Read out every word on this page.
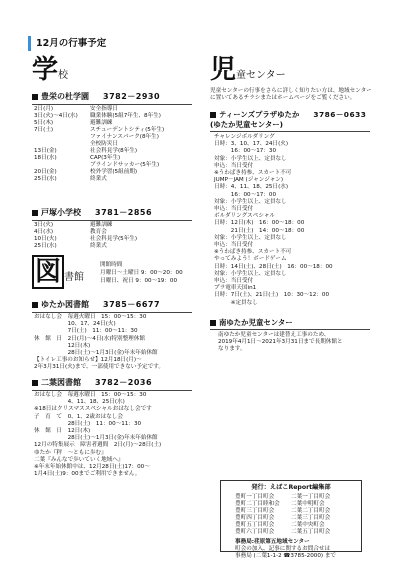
12月の行事予定
学校
豊栄の杜学園 3782－2930
2日(月)	安全指導日
3日(火)～4日(水)	職業体験(5組7年生、8年生)
5日(木)	避難訓練
7日(土)	スチューデントシティ(5年生)
	ファイナンスパーク(8年生)
	全校防災日
13日(金)	社会科見学(8年生)
18日(水)	CAP(3年生)
	ブラインドサッカー(5年生)
20日(金)	校外学習(5組前期)
25日(水)	終業式
戸塚小学校 3781－2856
3日(火)	避難訓練
4日(水)	教育会
10日(火)	社会科見学(5年生)
25日(水)	終業式
図 書館
開館時間
月曜日～土曜日 9：00～20：00
日曜日、祝日 9：00～19：00
ゆたか図書館 3785－6677
おはなし会　毎週火曜日　15：00～15：30
　　　　　　10、17、24日(火)
　　　　　　7日(土)　11：00～11：30
休　館　日　2日(月)～4日(水)特別整理休館
　　　　　　12日(木)
　　　　　　28日(土)～1月3日(金)年末年始休館
【トイレ工事のお知らせ】12月18日(月)～
2年3月31日(火)まで、一部使用できない予定です。
二葉図書館 3782－2036
おはなし会　毎週水曜日　15：00～15：30
　　　　　　4、11、18、25日(水)
※18日はクリスマススペシャルおはなし会です
子　育　て　0、1、2歳おはなし会
　　　　　　28日(土)　11：00～11：30
休　館　日　12日(木)
　　　　　　28日(土)～1月3日(金)年末年始休館
12月の特集展示　障害者週間　2日(月)～28日(土)
ゆたか『秤　～ともに歩む』
二葉『みんなで歩いていく地域へ』
※年末年始休館中は、12月28日(土)17：00～
1月4日(土)9：00までご利用できません。
児童センター
児童センターの行事をさらに詳しく知りたい方は、地域センター
に置いてあるチラシまたはホームページをご覧ください。
ティーンズプラザゆたか 3786－0633
(ゆたか児童センター)
チャレンジボルダリング
日時：3、10、17、24日(火)
　　　16：00～17：30
対象：小学生以上、定員なし
申込：当日受付
※うわばき持参、スカート不可
JUMP－JAM (ジャンジャン)
日時：4、11、18、25日(水)
　　　16：00～17：00
対象：小学生以上、定員なし
申込：当日受付
ボルダリングスペシャル
日時：12日(木)　16：00～18：00
　　　21日(土)　14：00～18：00
対象：小学生以上、定員なし
申込：当日受付
※うわばき持参、スカート不可
やってみよう！ボードゲーム
日時：14日(土)、28日(土)　16：00～18：00
対象：小学生以上、定員なし
申込：当日受付
プラ電車天国in1
日時：7日(土)、21日(土)　10：30～12：00
　　　※定員なし
南ゆたか児童センター
南ゆたか児童センターは建替え工事のため、
2019年4月1日～2021年3月31日まで長期休館と
なります。
発行：えばこReport編集部
豊町一丁目町会	二葉一丁目町会
豊町二丁目睦和会	二葉中明町会
豊町三丁目町会	二葉二丁目町会
豊町四丁目町会	二葉三丁目町会
豊町五丁目町会	二葉中央町会
豊町六丁目町会	二葉五丁目町会
事務局:荏原第五地域センター
町会の加入、記事に関するお問合せは
事務局 (二葉1-1-2 ☎3785-2000) まで
